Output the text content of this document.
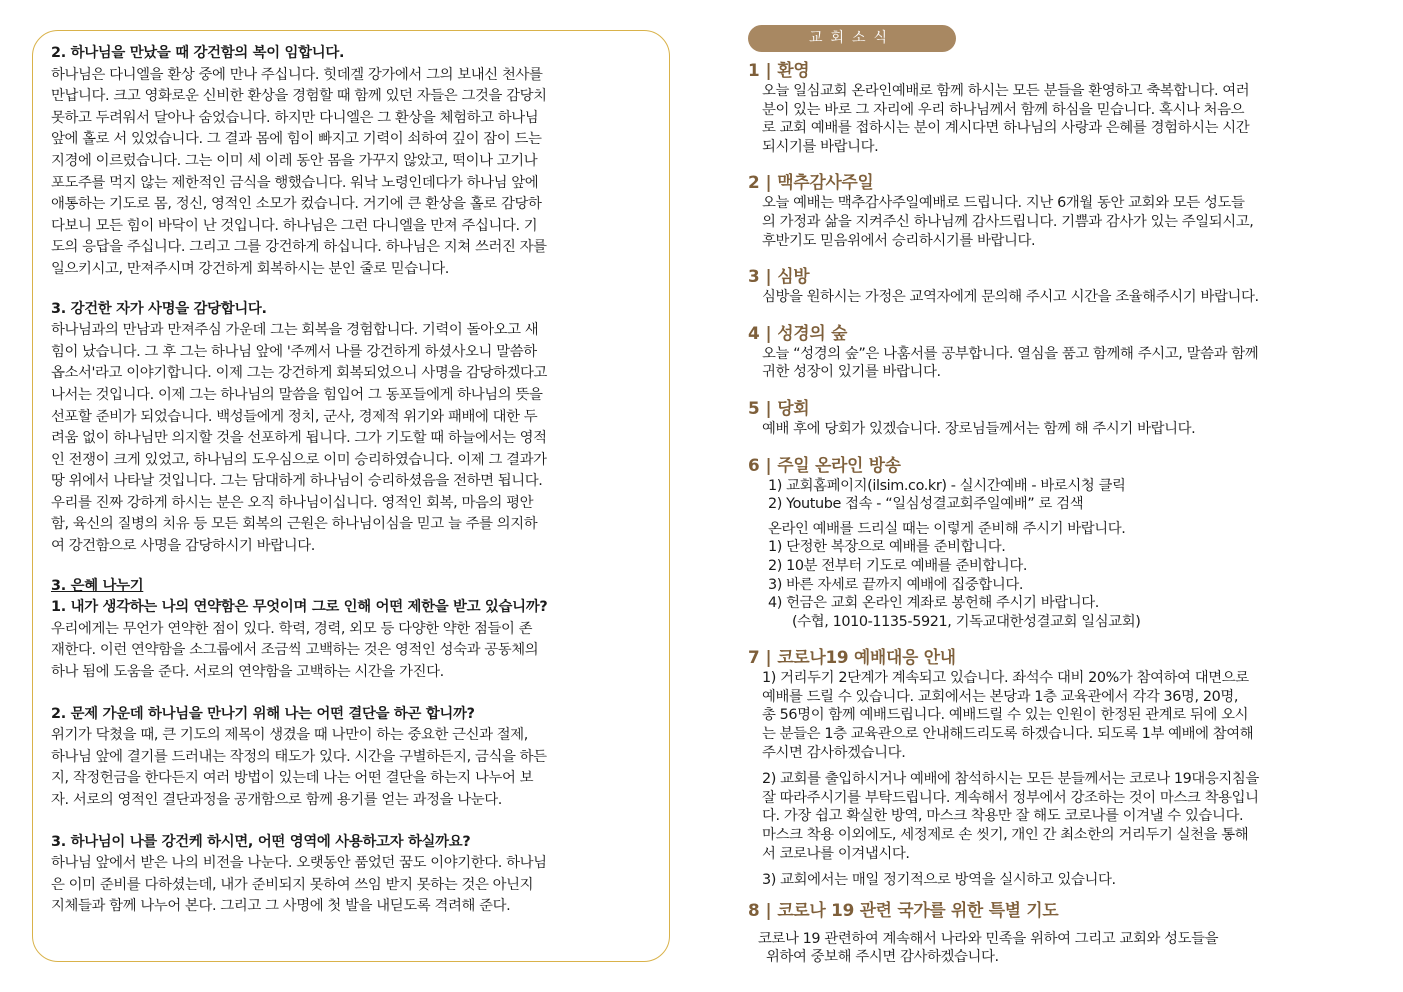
2. 하나님을 만났을 때 강건함의 복이 임합니다.
하나님은 다니엘을 환상 중에 만나 주십니다. 힛데겔 강가에서 그의 보내신 천사를
만납니다. 크고 영화로운 신비한 환상을 경험할 때 함께 있던 자들은 그것을 감당치
못하고 두려워서 달아나 숨었습니다. 하지만 다니엘은 그 환상을 체험하고 하나님
앞에 홀로 서 있었습니다. 그 결과 몸에 힘이 빠지고 기력이 쇠하여 깊이 잠이 드는
지경에 이르렀습니다. 그는 이미 세 이레 동안 몸을 가꾸지 않았고, 떡이나 고기나
포도주를 먹지 않는 제한적인 금식을 행했습니다. 워낙 노령인데다가 하나님 앞에
애통하는 기도로 몸, 정신, 영적인 소모가 컸습니다. 거기에 큰 환상을 홀로 감당하
다보니 모든 힘이 바닥이 난 것입니다. 하나님은 그런 다니엘을 만져 주십니다. 기
도의 응답을 주십니다. 그리고 그를 강건하게 하십니다. 하나님은 지쳐 쓰러진 자를
일으키시고, 만져주시며 강건하게 회복하시는 분인 줄로 믿습니다.
3. 강건한 자가 사명을 감당합니다.
하나님과의 만남과 만져주심 가운데 그는 회복을 경험합니다. 기력이 돌아오고 새
힘이 났습니다. 그 후 그는 하나님 앞에 '주께서 나를 강건하게 하셨사오니 말씀하
옵소서'라고 이야기합니다. 이제 그는 강건하게 회복되었으니 사명을 감당하겠다고
나서는 것입니다. 이제 그는 하나님의 말씀을 힘입어 그 동포들에게 하나님의 뜻을
선포할 준비가 되었습니다. 백성들에게 정치, 군사, 경제적 위기와 패배에 대한 두
려움 없이 하나님만 의지할 것을 선포하게 됩니다. 그가 기도할 때 하늘에서는 영적
인 전쟁이 크게 있었고, 하나님의 도우심으로 이미 승리하였습니다. 이제 그 결과가
땅 위에서 나타날 것입니다. 그는 담대하게 하나님이 승리하셨음을 전하면 됩니다.
우리를 진짜 강하게 하시는 분은 오직 하나님이십니다. 영적인 회복, 마음의 평안
함, 육신의 질병의 치유 등 모든 회복의 근원은 하나님이심을 믿고 늘 주를 의지하
여 강건함으로 사명을 감당하시기 바랍니다.
3. 은혜 나누기
1. 내가 생각하는 나의 연약함은 무엇이며 그로 인해 어떤 제한을 받고 있습니까?
우리에게는 무언가 연약한 점이 있다. 학력, 경력, 외모 등 다양한 약한 점들이 존
재한다. 이런 연약함을 소그룹에서 조금씩 고백하는 것은 영적인 성숙과 공동체의
하나 됨에 도움을 준다. 서로의 연약함을 고백하는 시간을 가진다.
2. 문제 가운데 하나님을 만나기 위해 나는 어떤 결단을 하곤 합니까?
위기가 닥쳤을 때, 큰 기도의 제목이 생겼을 때 나만이 하는 중요한 근신과 절제,
하나님 앞에 결기를 드러내는 작정의 태도가 있다. 시간을 구별하든지, 금식을 하든
지, 작정헌금을 한다든지 여러 방법이 있는데 나는 어떤 결단을 하는지 나누어 보
자. 서로의 영적인 결단과정을 공개함으로 함께 용기를 얻는 과정을 나눈다.
3. 하나님이 나를 강건케 하시면, 어떤 영역에 사용하고자 하실까요?
하나님 앞에서 받은 나의 비전을 나눈다. 오랫동안 품었던 꿈도 이야기한다. 하나님
은 이미 준비를 다하셨는데, 내가 준비되지 못하여 쓰임 받지 못하는 것은 아닌지
지체들과 함께 나누어 본다. 그리고 그 사명에 첫 발을 내딛도록 격려해 준다.
교회소식
1 | 환영
오늘 일심교회 온라인예배로 함께 하시는 모든 분들을 환영하고 축복합니다. 여러
분이 있는 바로 그 자리에 우리 하나님께서 함께 하심을 믿습니다. 혹시나 처음으
로 교회 예배를 접하시는 분이 계시다면 하나님의 사랑과 은혜를 경험하시는 시간
되시기를 바랍니다.
2 | 맥추감사주일
오늘 예배는 맥추감사주일예배로 드립니다. 지난 6개월 동안 교회와 모든 성도들
의 가정과 삶을 지켜주신 하나님께 감사드립니다. 기쁨과 감사가 있는 주일되시고,
후반기도 믿음위에서 승리하시기를 바랍니다.
3 | 심방
심방을 원하시는 가정은 교역자에게 문의해 주시고 시간을 조율해주시기 바랍니다.
4 | 성경의 숲
오늘 “성경의 숲”은 나훔서를 공부합니다. 열심을 품고 함께해 주시고, 말씀과 함께
귀한 성장이 있기를 바랍니다.
5 | 당회
예배 후에 당회가 있겠습니다. 장로님들께서는 함께 해 주시기 바랍니다.
6 | 주일 온라인 방송
1) 교회홈페이지(ilsim.co.kr) - 실시간예배 - 바로시청 클릭
2) Youtube 접속 - “일심성결교회주일예배” 로 검색
온라인 예배를 드리실 때는 이렇게 준비해 주시기 바랍니다.
1) 단정한 복장으로 예배를 준비합니다.
2) 10분 전부터 기도로 예배를 준비합니다.
3) 바른 자세로 끝까지 예배에 집중합니다.
4) 헌금은 교회 온라인 계좌로 봉헌해 주시기 바랍니다.
(수협, 1010-1135-5921, 기독교대한성결교회 일심교회)
7 | 코로나19 예배대응 안내
1) 거리두기 2단계가 계속되고 있습니다. 좌석수 대비 20%가 참여하여 대면으로
예배를 드릴 수 있습니다. 교회에서는 본당과 1층 교육관에서 각각 36명, 20명,
총 56명이 함께 예배드립니다. 예배드릴 수 있는 인원이 한정된 관계로 뒤에 오시
는 분들은 1층 교육관으로 안내해드리도록 하겠습니다. 되도록 1부 예배에 참여해
주시면 감사하겠습니다.
2) 교회를 출입하시거나 예배에 참석하시는 모든 분들께서는 코로나 19대응지침을
잘 따라주시기를 부탁드립니다. 계속해서 정부에서 강조하는 것이 마스크 착용입니
다. 가장 쉽고 확실한 방역, 마스크 착용만 잘 해도 코로나를 이겨낼 수 있습니다.
마스크 착용 이외에도, 세정제로 손 씻기, 개인 간 최소한의 거리두기 실천을 통해
서 코로나를 이겨냅시다.
3) 교회에서는 매일 정기적으로 방역을 실시하고 있습니다.
8 | 코로나 19 관련 국가를 위한 특별 기도
코로나 19 관련하여 계속해서 나라와 민족을 위하여 그리고 교회와 성도들을
위하여 중보해 주시면 감사하겠습니다.
